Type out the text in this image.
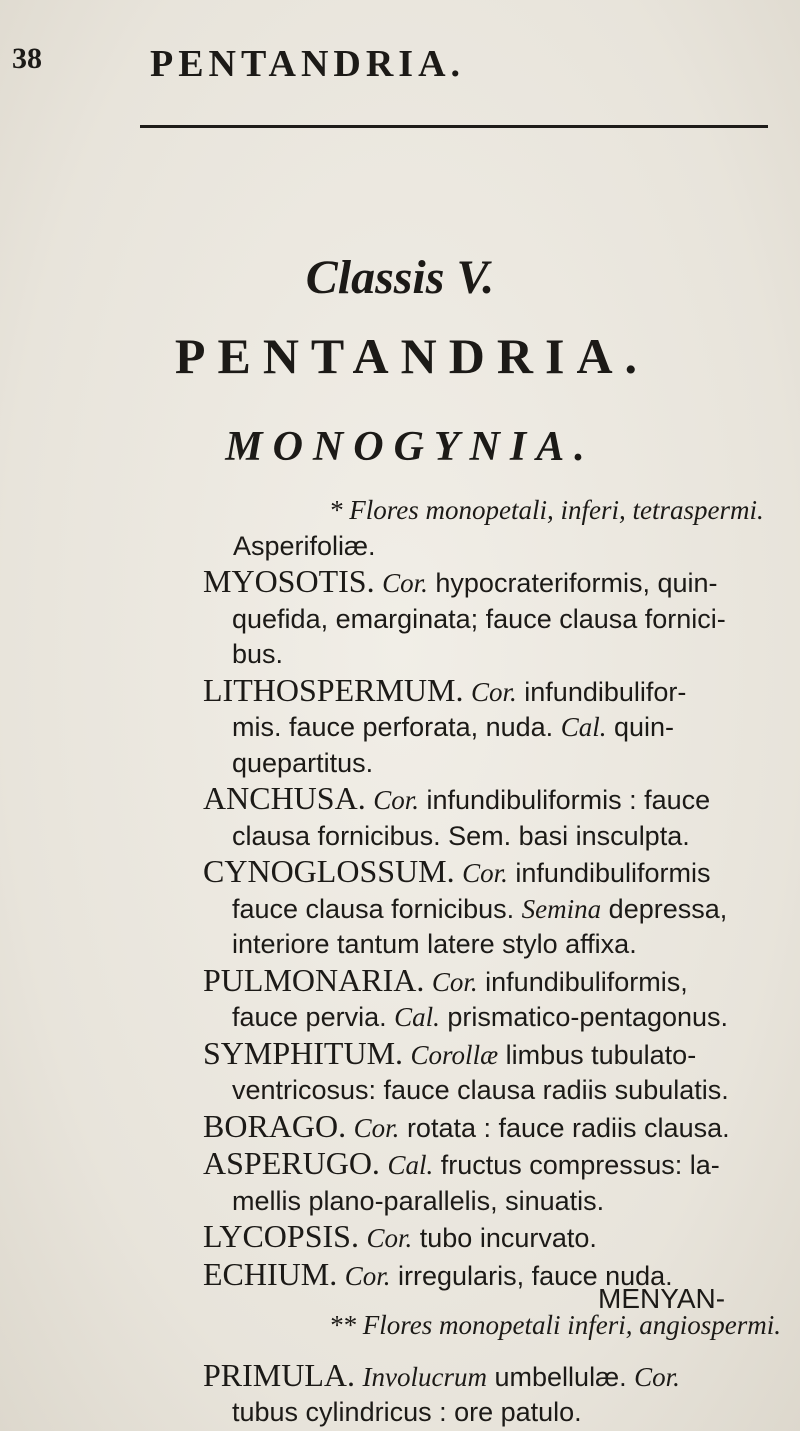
38	PENTANDRIA.
Classis V.
PENTANDRIA.
MONOGYNIA.
* Flores monopetali, inferi, tetraspermi.
Asperifoliæ.
MYOSOTIS. Cor. hypocrateriformis, quin-
quefida, emarginata; fauce clausa fornici-
bus.
LITHOSPERMUM. Cor. infundibulifor-
mis. fauce perforata, nuda. Cal. quin-
quepartitus.
ANCHUSA. Cor. infundibuliformis : fauce
clausa fornicibus. Sem. basi insculpta.
CYNOGLOSSUM. Cor. infundibuliformis
fauce clausa fornicibus. Semina depressa,
interiore tantum latere stylo affixa.
PULMONARIA. Cor. infundibuliformis,
fauce pervia. Cal. prismatico-pentagonus.
SYMPHITUM. Corollæ limbus tubulato-
ventricosus: fauce clausa radiis subulatis.
BORAGO. Cor. rotata : fauce radiis clausa.
ASPERUGO. Cal. fructus compressus: la-
mellis plano-parallelis, sinuatis.
LYCOPSIS. Cor. tubo incurvato.
ECHIUM. Cor. irregularis, fauce nuda.
** Flores monopetali inferi, angiospermi.
PRIMULA. Involucrum umbellulæ. Cor.
tubus cylindricus : ore patulo.
MENYAN-
